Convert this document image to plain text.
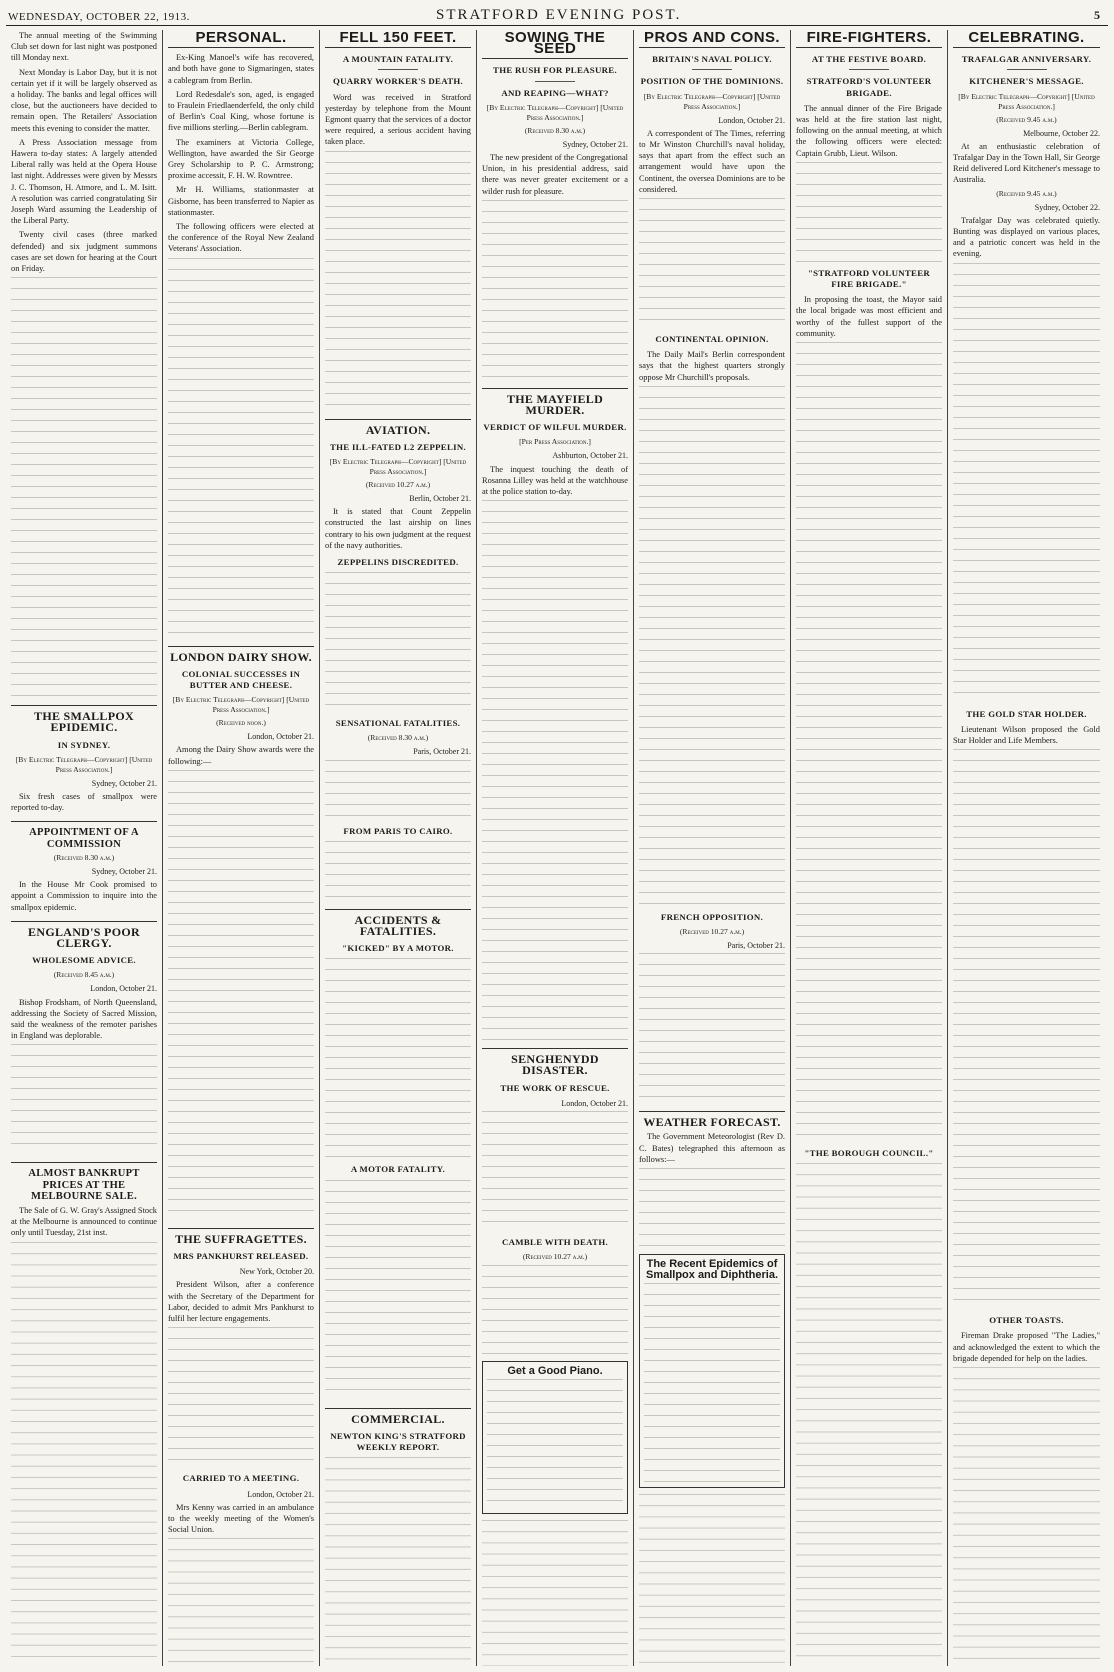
WEDNESDAY, OCTOBER 22, 1913.	STRATFORD EVENING POST.	5

The annual meeting of the Swimming Club set down for last night was postponed till Monday next.

Next Monday is Labor Day, but it is not certain yet if it will be largely observed as a holiday. The banks and legal offices will close, but the auctioneers have decided to remain open. The Retailers' Association meets this evening to consider the matter.

A Press Association message from Hawera to-day states: A largely attended Liberal rally was held at the Opera House last night. Addresses were given by Messrs J. C. Thomson, H. Atmore, and L. M. Isitt. A resolution was carried congratulating Sir Joseph Ward assuming the Leadership of the Liberal Party.

Twenty civil cases (three marked defended) and six judgment summons cases are set down for hearing at the Court on Friday.

THE SMALLPOX EPIDEMIC.
IN SYDNEY.
[By Electric Telegraph—Copyright] [United Press Association.]
Sydney, October 21.

Six fresh cases of smallpox were reported to-day.

APPOINTMENT OF A COMMISSION
(Received 8.30 a.m.)
Sydney, October 21.

In the House Mr Cook promised to appoint a Commission to inquire into the smallpox epidemic.

ENGLAND'S POOR CLERGY.
WHOLESOME ADVICE.
(Received 8.45 a.m.)
London, October 21.

Bishop Frodsham, of North Queensland, addressing the Society of Sacred Mission, said the weakness of the remoter parishes in England was deplorable.

ALMOST BANKRUPT PRICES AT THE MELBOURNE SALE.

The Sale of G. W. Gray's Assigned Stock at the Melbourne is announced to continue only until Tuesday, 21st inst.

PERSONAL.

Ex-King Manoel's wife has recovered, and both have gone to Sigmaringen, states a cablegram from Berlin.

Lord Redesdale's son, aged, is engaged to Fraulein Friedlaenderfeld, the only child of Berlin's Coal King, whose fortune is five millions sterling.—Berlin cablegram.

The examiners at Victoria College, Wellington, have awarded the Sir George Grey Scholarship to P. C. Armstrong; proxime accessit, F. H. W. Rowntree.

Mr H. Williams, stationmaster at Gisborne, has been transferred to Napier as stationmaster.

The following officers were elected at the conference of the Royal New Zealand Veterans' Association.

LONDON DAIRY SHOW.
COLONIAL SUCCESSES IN BUTTER AND CHEESE.
[By Electric Telegraph—Copyright] [United Press Association.]
(Received noon.)
London, October 21.

Among the Dairy Show awards were the following:—

THE SUFFRAGETTES.
MRS PANKHURST RELEASED.
New York, October 20.

President Wilson, after a conference with the Secretary of the Department for Labor, decided to admit Mrs Pankhurst to fulfil her lecture engagements.

CARRIED TO A MEETING.
London, October 21.

Mrs Kenny was carried in an ambulance to the weekly meeting of the Women's Social Union.

FELL 150 FEET.
A MOUNTAIN FATALITY.
QUARRY WORKER'S DEATH.

Word was received in Stratford yesterday by telephone from the Mount Egmont quarry that the services of a doctor were required, a serious accident having taken place.

AVIATION.
THE ILL-FATED L2 ZEPPELIN.
[By Electric Telegraph—Copyright] [United Press Association.]
(Received 10.27 a.m.)
Berlin, October 21.

It is stated that Count Zeppelin constructed the last airship on lines contrary to his own judgment at the request of the navy authorities.

ZEPPELINS DISCREDITED.
SENSATIONAL FATALITIES.
(Received 8.30 a.m.)
Paris, October 21.
FROM PARIS TO CAIRO.
ACCIDENTS & FATALITIES.
"KICKED" BY A MOTOR.
A MOTOR FATALITY.
COMMERCIAL.
NEWTON KING'S STRATFORD WEEKLY REPORT.
SOWING THE SEED
THE RUSH FOR PLEASURE.
AND REAPING—WHAT?
[By Electric Telegraph—Copyright] [United Press Association.]
(Received 8.30 a.m.)
Sydney, October 21.

The new president of the Congregational Union, in his presidential address, said there was never greater excitement or a wilder rush for pleasure.

THE MAYFIELD MURDER.
VERDICT OF WILFUL MURDER.
[Per Press Association.]
Ashburton, October 21.

The inquest touching the death of Rosanna Lilley was held at the watchhouse at the police station to-day.

SENGHENYDD DISASTER.
THE WORK OF RESCUE.
London, October 21.
CAMBLE WITH DEATH.
(Received 10.27 a.m.)
Get a Good Piano.
PROS AND CONS.
BRITAIN'S NAVAL POLICY.
POSITION OF THE DOMINIONS.
[By Electric Telegraph—Copyright] [United Press Association.]
London, October 21.

A correspondent of The Times, referring to Mr Winston Churchill's naval holiday, says that apart from the effect such an arrangement would have upon the Continent, the oversea Dominions are to be considered.

CONTINENTAL OPINION.

The Daily Mail's Berlin correspondent says that the highest quarters strongly oppose Mr Churchill's proposals.

FRENCH OPPOSITION.
(Received 10.27 a.m.)
Paris, October 21.
WEATHER FORECAST.

The Government Meteorologist (Rev D. C. Bates) telegraphed this afternoon as follows:—

The Recent Epidemics of Smallpox and Diphtheria.
FIRE-FIGHTERS.
AT THE FESTIVE BOARD.
STRATFORD'S VOLUNTEER BRIGADE.

The annual dinner of the Fire Brigade was held at the fire station last night, following on the annual meeting, at which the following officers were elected: Captain Grubb, Lieut. Wilson.

"STRATFORD VOLUNTEER FIRE BRIGADE."

In proposing the toast, the Mayor said the local brigade was most efficient and worthy of the fullest support of the community.

"THE BOROUGH COUNCIL."
CELEBRATING.
TRAFALGAR ANNIVERSARY.
KITCHENER'S MESSAGE.
[By Electric Telegraph—Copyright] [United Press Association.]
(Received 9.45 a.m.)
Melbourne, October 22.

At an enthusiastic celebration of Trafalgar Day in the Town Hall, Sir George Reid delivered Lord Kitchener's message to Australia.

(Received 9.45 a.m.)
Sydney, October 22.

Trafalgar Day was celebrated quietly. Bunting was displayed on various places, and a patriotic concert was held in the evening.

THE GOLD STAR HOLDER.

Lieutenant Wilson proposed the Gold Star Holder and Life Members.

OTHER TOASTS.

Fireman Drake proposed "The Ladies," and acknowledged the extent to which the brigade depended for help on the ladies.
